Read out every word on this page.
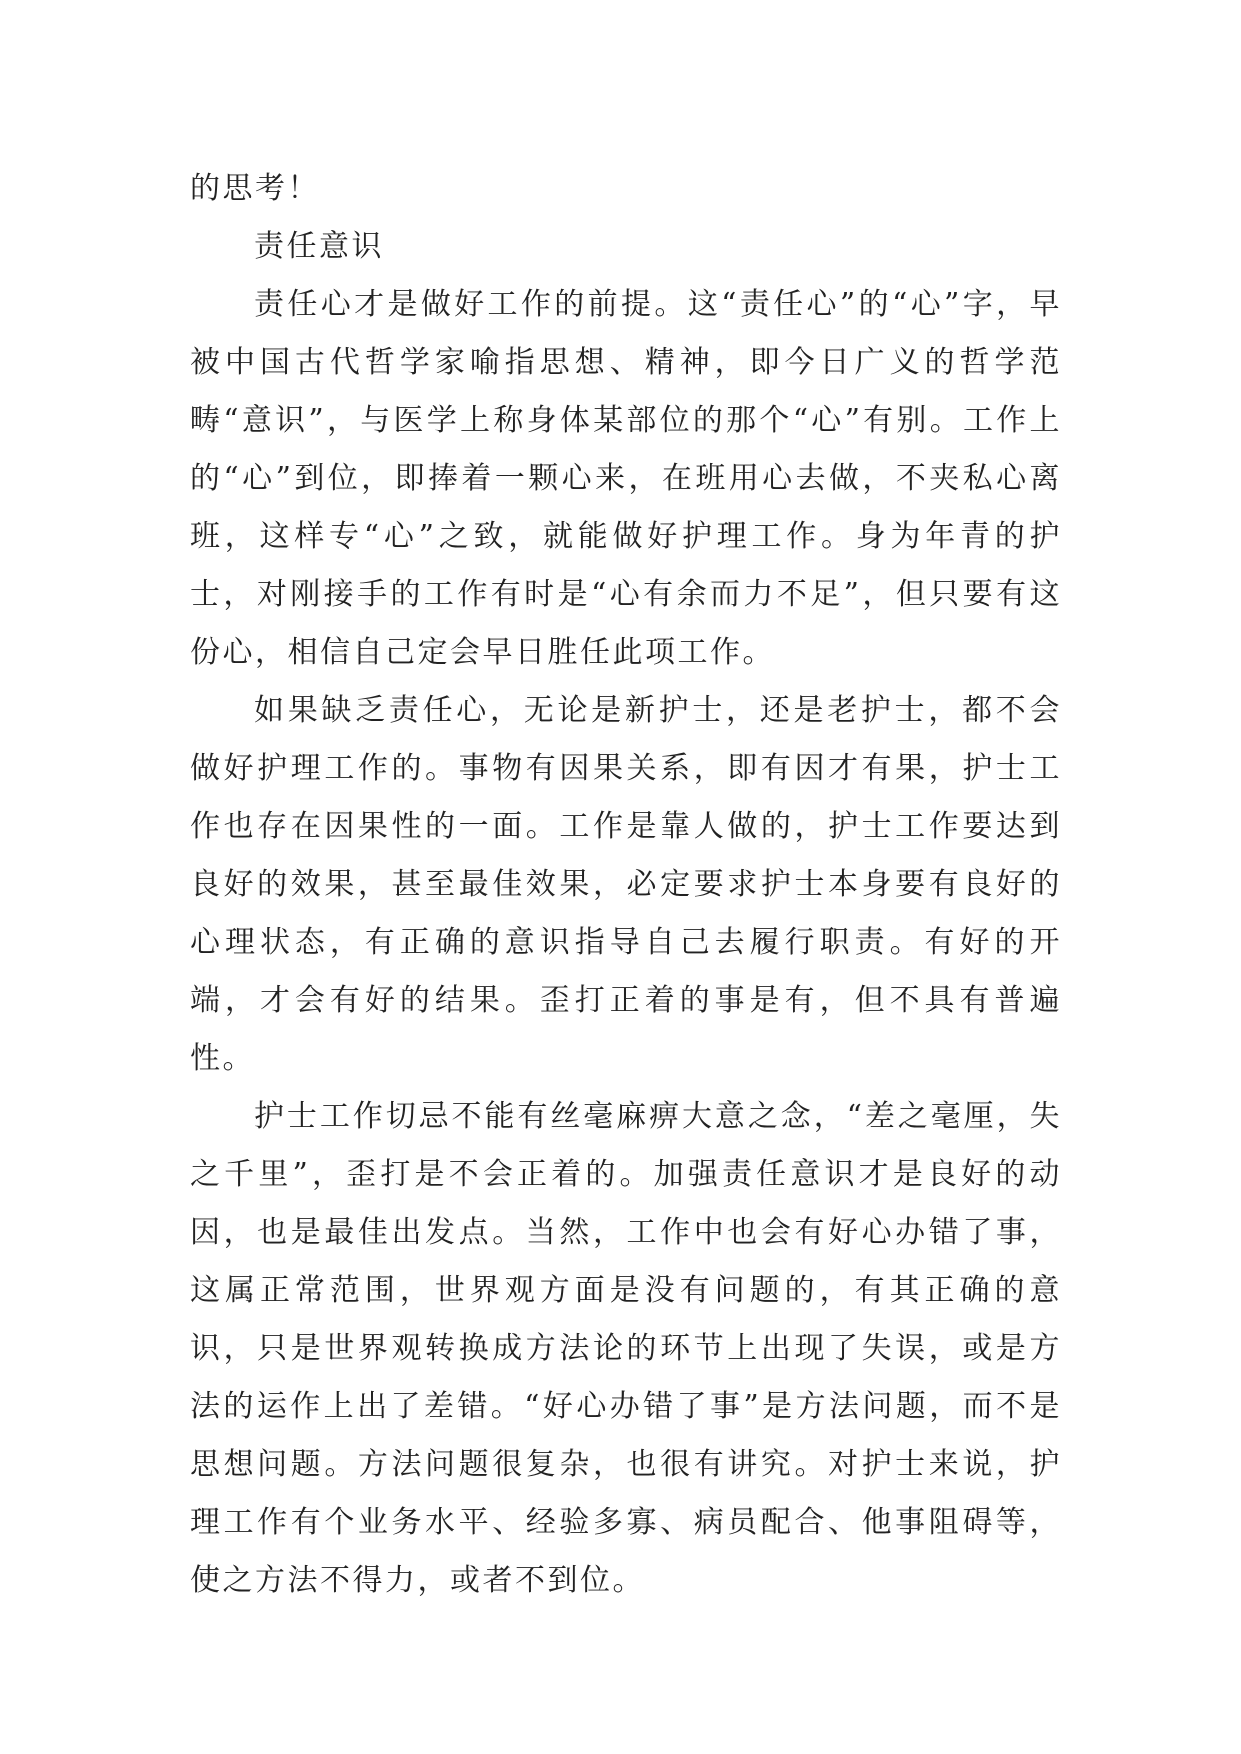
的思考！

责任意识

责任心才是做好工作的前提。这“责任心”的“心”字，早被中国古代哲学家喻指思想、精神，即今日广义的哲学范畴“意识”，与医学上称身体某部位的那个“心”有别。工作上的“心”到位，即捧着一颗心来，在班用心去做，不夹私心离班，这样专“心”之致，就能做好护理工作。身为年青的护士，对刚接手的工作有时是“心有余而力不足”，但只要有这份心，相信自己定会早日胜任此项工作。

如果缺乏责任心，无论是新护士，还是老护士，都不会做好护理工作的。事物有因果关系，即有因才有果，护士工作也存在因果性的一面。工作是靠人做的，护士工作要达到良好的效果，甚至最佳效果，必定要求护士本身要有良好的心理状态，有正确的意识指导自己去履行职责。有好的开端，才会有好的结果。歪打正着的事是有，但不具有普遍性。

护士工作切忌不能有丝毫麻痹大意之念，“差之毫厘，失之千里”，歪打是不会正着的。加强责任意识才是良好的动因，也是最佳出发点。当然，工作中也会有好心办错了事，这属正常范围，世界观方面是没有问题的，有其正确的意识，只是世界观转换成方法论的环节上出现了失误，或是方法的运作上出了差错。“好心办错了事”是方法问题，而不是思想问题。方法问题很复杂，也很有讲究。对护士来说，护理工作有个业务水平、经验多寡、病员配合、他事阻碍等，使之方法不得力，或者不到位。
